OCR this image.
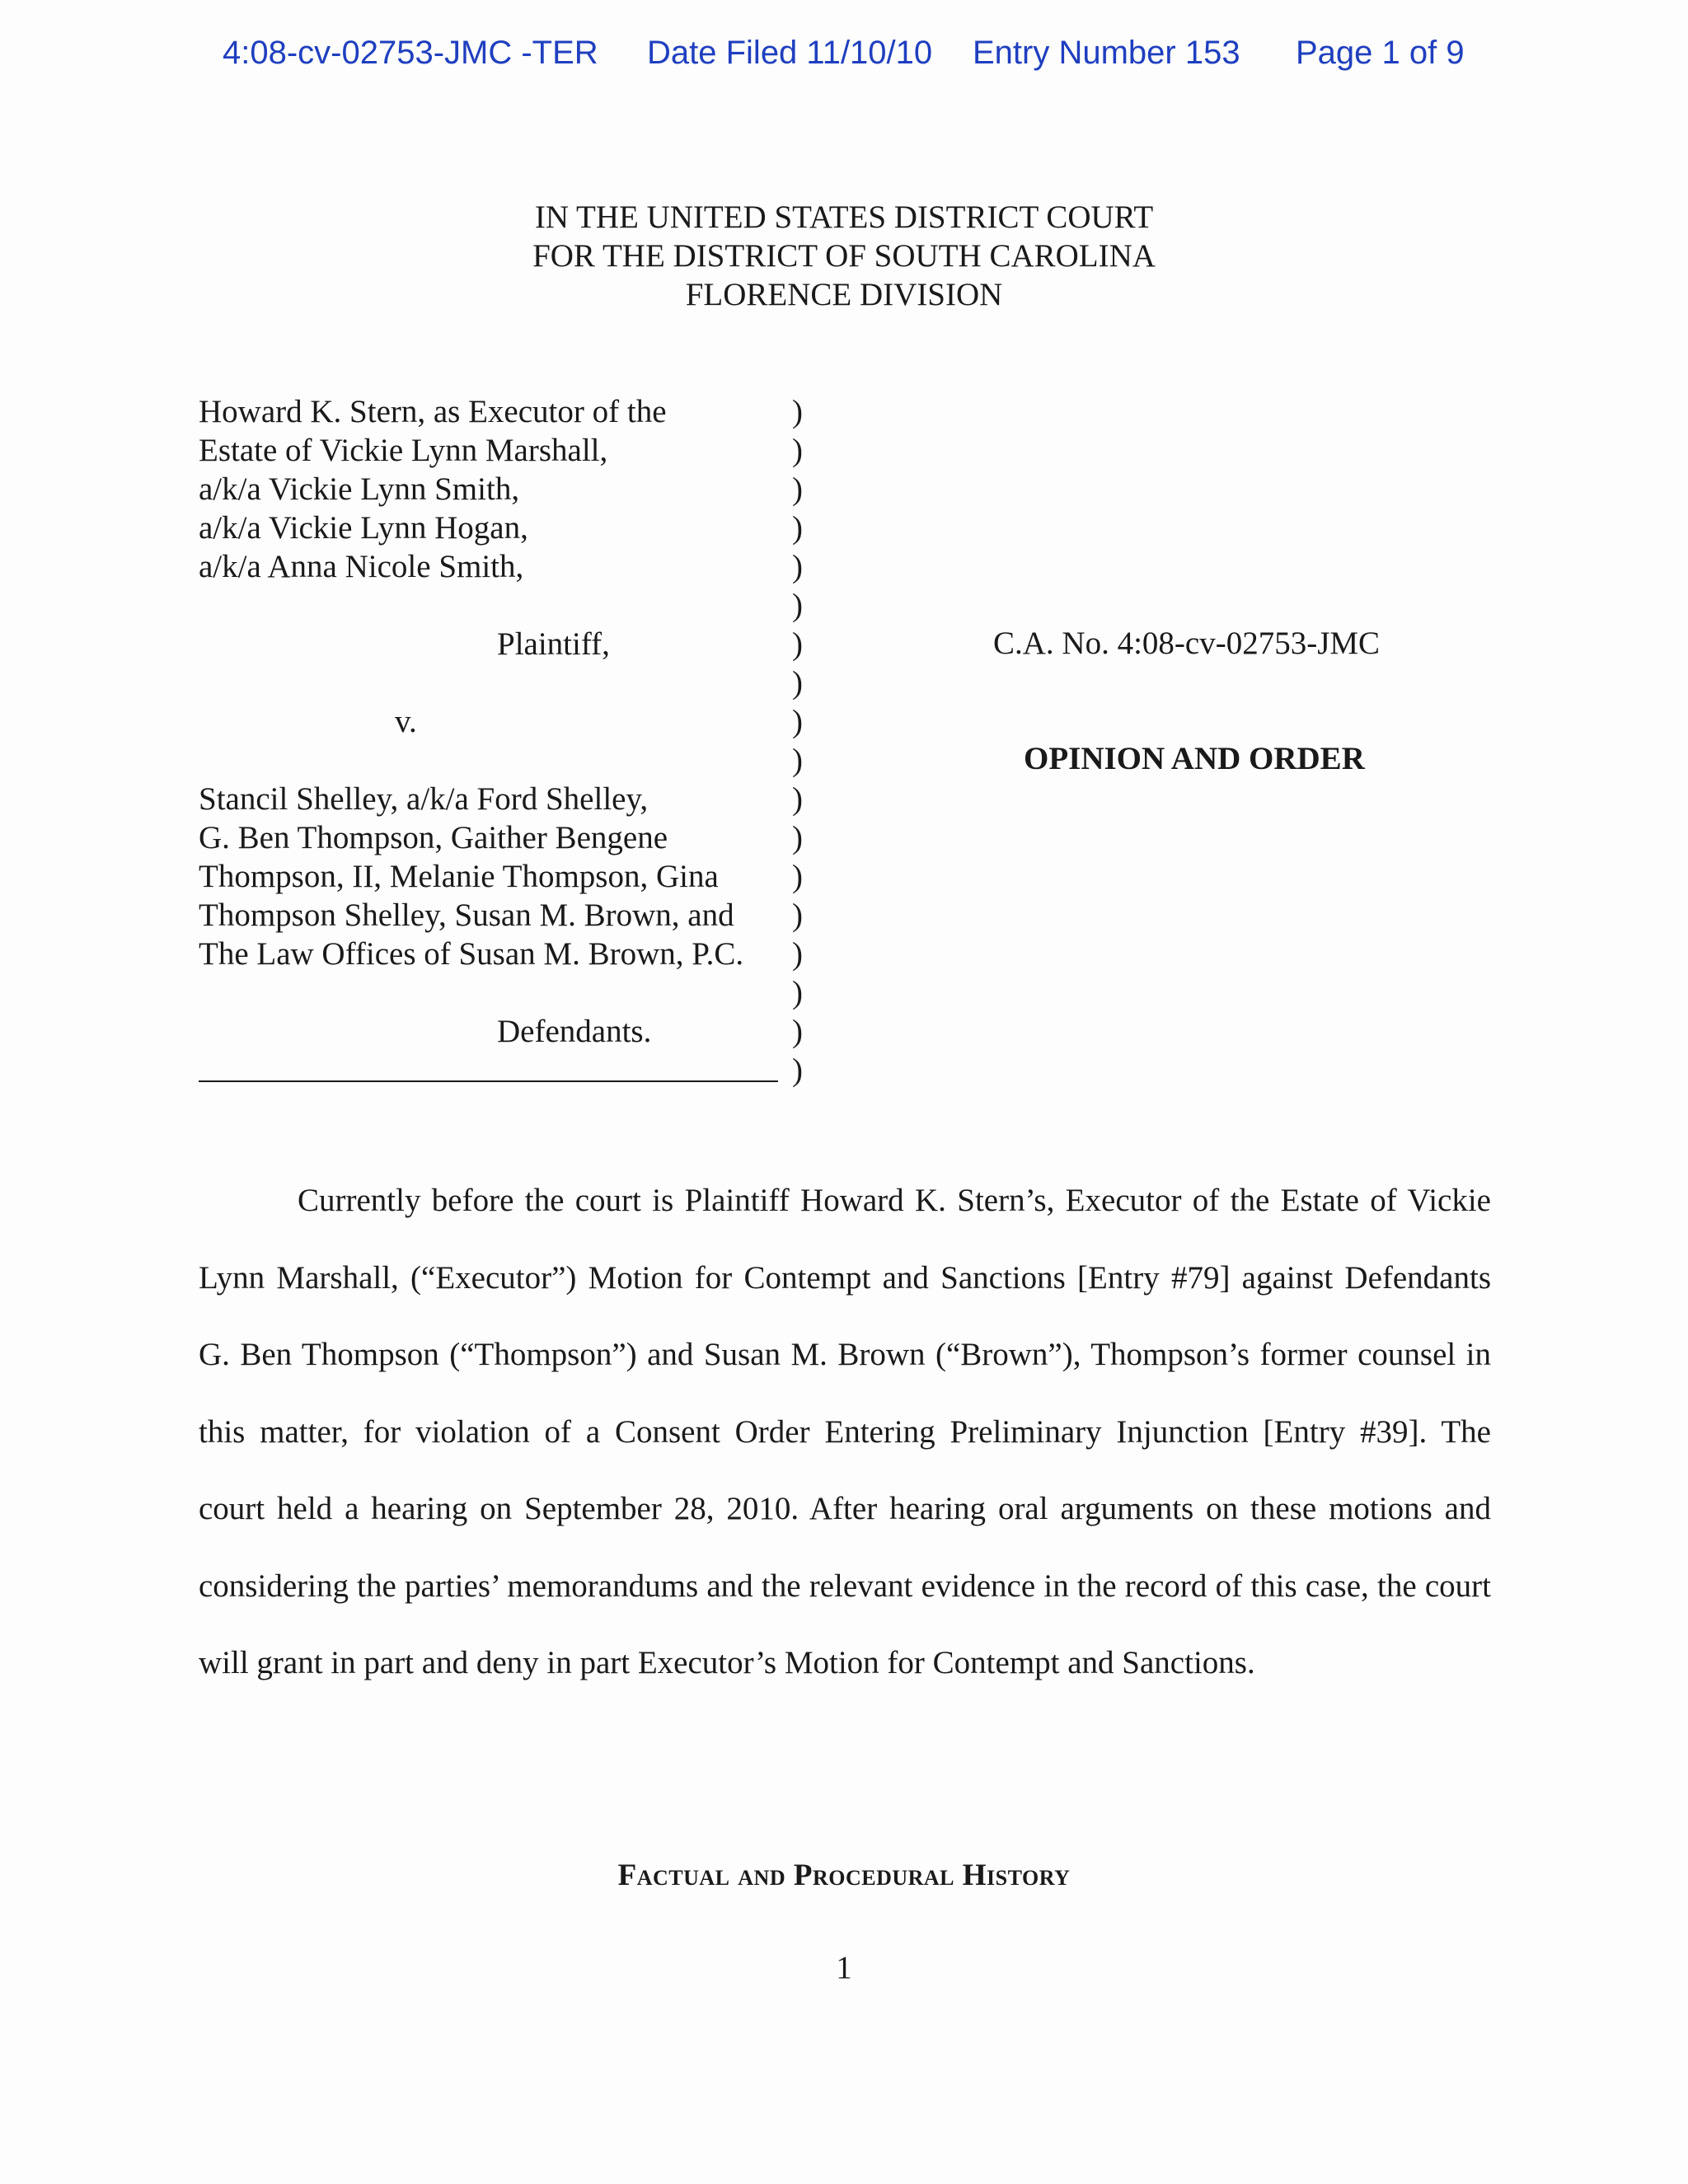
4:08-cv-02753-JMC -TER Date Filed 11/10/10 Entry Number 153 Page 1 of 9
IN THE UNITED STATES DISTRICT COURT
FOR THE DISTRICT OF SOUTH CAROLINA
FLORENCE DIVISION
Howard K. Stern, as Executor of the
Estate of Vickie Lynn Marshall,
a/k/a Vickie Lynn Smith,
a/k/a Vickie Lynn Hogan,
a/k/a Anna Nicole Smith,
Plaintiff,
v.
Stancil Shelley, a/k/a Ford Shelley,
G. Ben Thompson, Gaither Bengene
Thompson, II, Melanie Thompson, Gina
Thompson Shelley, Susan M. Brown, and
The Law Offices of Susan M. Brown, P.C.
Defendants.
)
)
)
)
)
)
)
)
)
)
)
)
)
)
)
)
)
)
C.A. No. 4:08-cv-02753-JMC
OPINION AND ORDER
Currently before the court is Plaintiff Howard K. Stern’s, Executor of the Estate of Vickie
Lynn Marshall, (“Executor”) Motion for Contempt and Sanctions [Entry #79] against Defendants
G. Ben Thompson (“Thompson”) and Susan M. Brown (“Brown”), Thompson’s former counsel in
this matter, for violation of a Consent Order Entering Preliminary Injunction [Entry #39]. The
court held a hearing on September 28, 2010. After hearing oral arguments on these motions and
considering the parties’ memorandums and the relevant evidence in the record of this case, the court
will grant in part and deny in part Executor’s Motion for Contempt and Sanctions.
Factual and Procedural History
1
